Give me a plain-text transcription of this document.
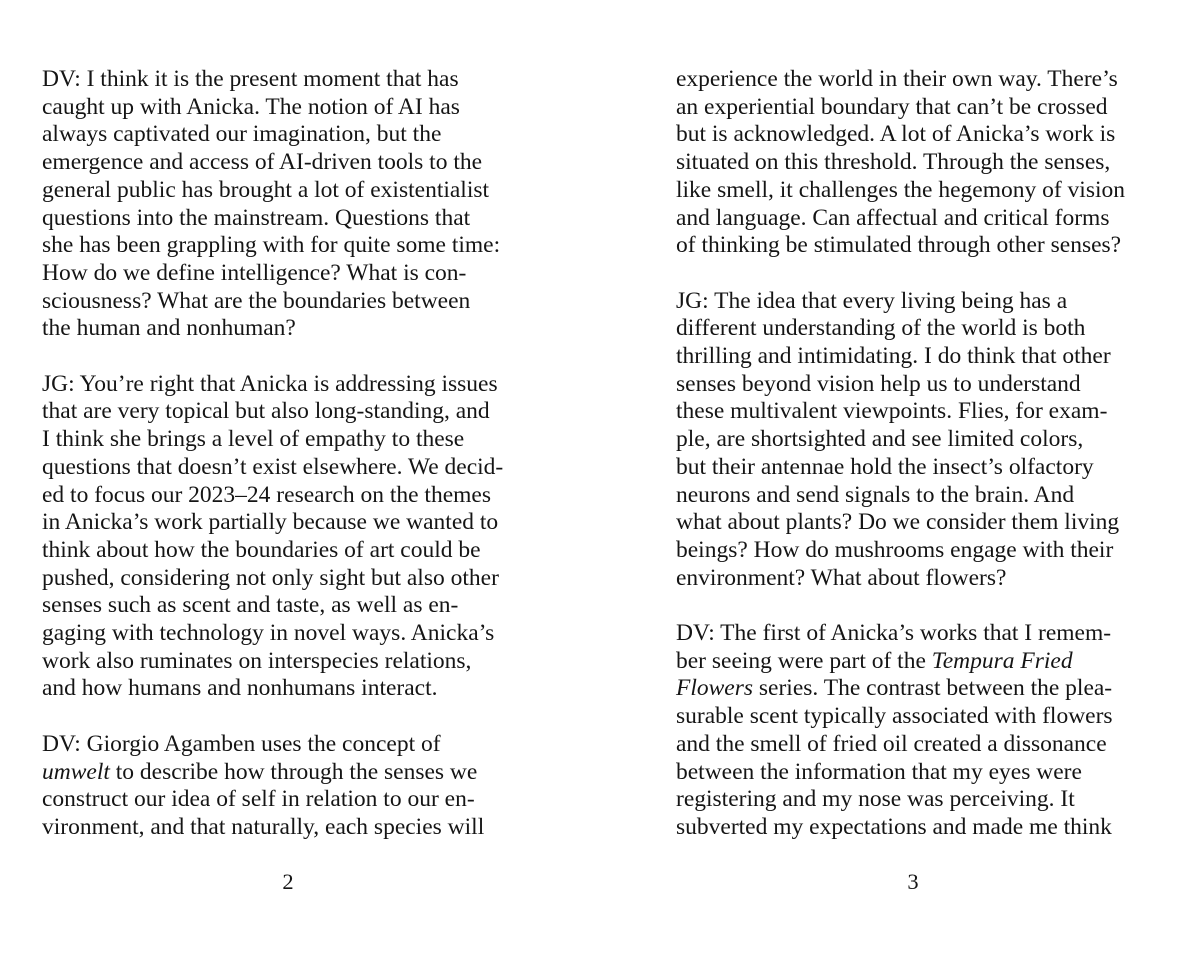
DV: I think it is the present moment that has
caught up with Anicka. The notion of AI has
always captivated our imagination, but the
emergence and access of AI-driven tools to the
general public has brought a lot of existentialist
questions into the mainstream. Questions that
she has been grappling with for quite some time:
How do we define intelligence? What is con-
sciousness? What are the boundaries between
the human and nonhuman?

JG: You’re right that Anicka is addressing issues
that are very topical but also long-standing, and
I think she brings a level of empathy to these
questions that doesn’t exist elsewhere. We decid-
ed to focus our 2023–24 research on the themes
in Anicka’s work partially because we wanted to
think about how the boundaries of art could be
pushed, considering not only sight but also other
senses such as scent and taste, as well as en-
gaging with technology in novel ways. Anicka’s
work also ruminates on interspecies relations,
and how humans and nonhumans interact.

DV: Giorgio Agamben uses the concept of
umwelt to describe how through the senses we
construct our idea of self in relation to our en-
vironment, and that naturally, each species will

2

experience the world in their own way. There’s
an experiential boundary that can’t be crossed
but is acknowledged. A lot of Anicka’s work is
situated on this threshold. Through the senses,
like smell, it challenges the hegemony of vision
and language. Can affectual and critical forms
of thinking be stimulated through other senses?

JG: The idea that every living being has a
different understanding of the world is both
thrilling and intimidating. I do think that other
senses beyond vision help us to understand
these multivalent viewpoints. Flies, for exam-
ple, are shortsighted and see limited colors,
but their antennae hold the insect’s olfactory
neurons and send signals to the brain. And
what about plants? Do we consider them living
beings? How do mushrooms engage with their
environment? What about flowers?

DV: The first of Anicka’s works that I remem-
ber seeing were part of the Tempura Fried
Flowers series. The contrast between the plea-
surable scent typically associated with flowers
and the smell of fried oil created a dissonance
between the information that my eyes were
registering and my nose was perceiving. It
subverted my expectations and made me think

3
